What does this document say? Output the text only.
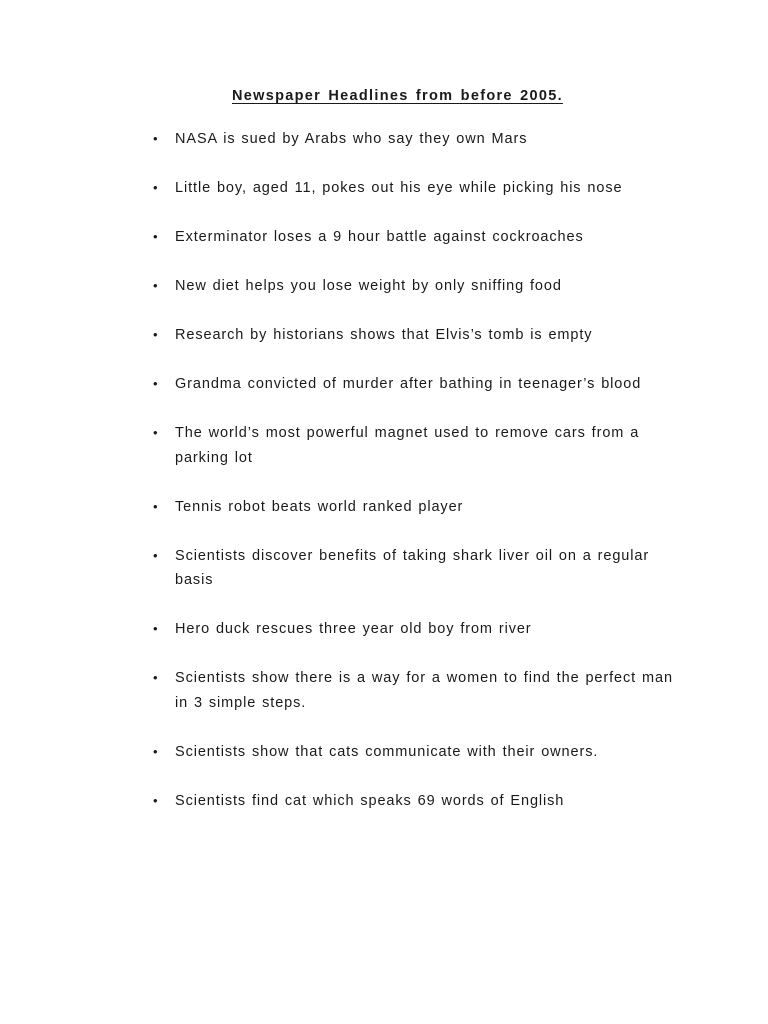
Newspaper Headlines from before 2005.
• NASA is sued by Arabs who say they own Mars
• Little boy, aged 11, pokes out his eye while picking his nose
• Exterminator loses a 9 hour battle against cockroaches
• New diet helps you lose weight by only sniffing food
• Research by historians shows that Elvis’s tomb is empty
• Grandma convicted of murder after bathing in teenager’s blood
• The world’s most powerful magnet used to remove cars from a parking lot
• Tennis robot beats world ranked player
• Scientists discover benefits of taking shark liver oil on a regular basis
• Hero duck rescues three year old boy from river
• Scientists show there is a way for a women to find the perfect man in 3 simple steps.
• Scientists show that cats communicate with their owners.
• Scientists find cat which speaks 69 words of English
